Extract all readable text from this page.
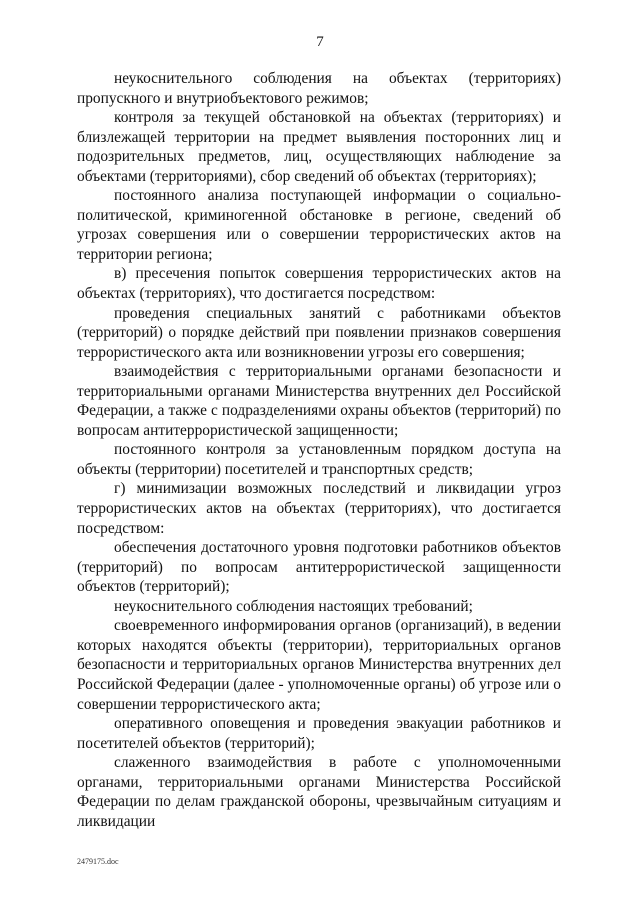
7

неукоснительного соблюдения на объектах (территориях) пропускного и внутриобъектового режимов;

контроля за текущей обстановкой на объектах (территориях) и близлежащей территории на предмет выявления посторонних лиц и подозрительных предметов, лиц, осуществляющих наблюдение за объектами (территориями), сбор сведений об объектах (территориях);

постоянного анализа поступающей информации о социально-политической, криминогенной обстановке в регионе, сведений об угрозах совершения или о совершении террористических актов на территории региона;

в) пресечения попыток совершения террористических актов на объектах (территориях), что достигается посредством:

проведения специальных занятий с работниками объектов (территорий) о порядке действий при появлении признаков совершения террористического акта или возникновении угрозы его совершения;

взаимодействия с территориальными органами безопасности и территориальными органами Министерства внутренних дел Российской Федерации, а также с подразделениями охраны объектов (территорий) по вопросам антитеррористической защищенности;

постоянного контроля за установленным порядком доступа на объекты (территории) посетителей и транспортных средств;

г) минимизации возможных последствий и ликвидации угроз террористических актов на объектах (территориях), что достигается посредством:

обеспечения достаточного уровня подготовки работников объектов (территорий) по вопросам антитеррористической защищенности объектов (территорий);

неукоснительного соблюдения настоящих требований;

своевременного информирования органов (организаций), в ведении которых находятся объекты (территории), территориальных органов безопасности и территориальных органов Министерства внутренних дел Российской Федерации (далее - уполномоченные органы) об угрозе или о совершении террористического акта;

оперативного оповещения и проведения эвакуации работников и посетителей объектов (территорий);

слаженного взаимодействия в работе с уполномоченными органами, территориальными органами Министерства Российской Федерации по делам гражданской обороны, чрезвычайным ситуациям и ликвидации

2479175.doc
